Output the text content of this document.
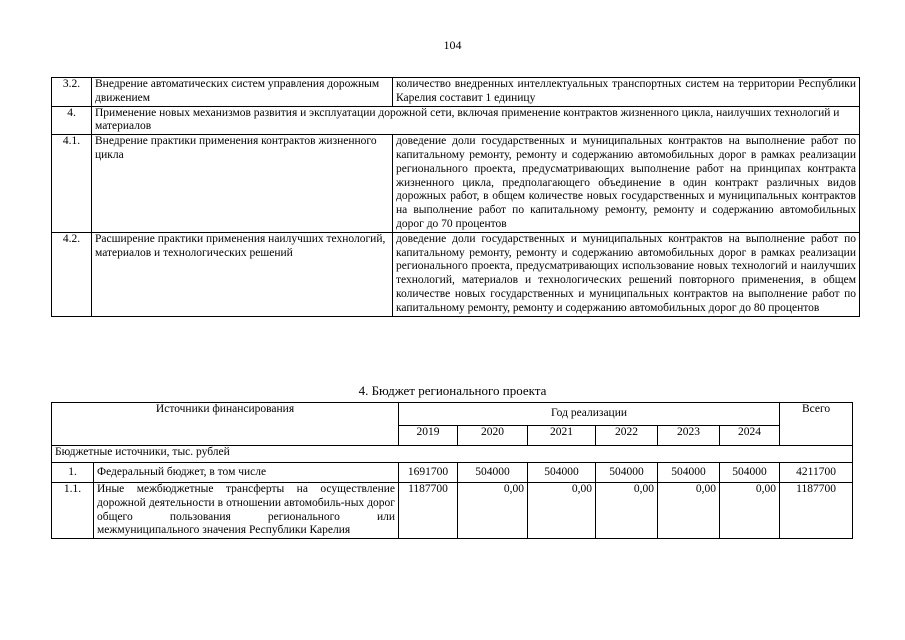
104
3.2.	Внедрение автоматических систем управления дорожным движением	количество внедренных интеллектуальных транспортных систем на территории Республики Карелия составит 1 единицу
4.	Применение новых механизмов развития и эксплуатации дорожной сети, включая применение контрактов жизненного цикла, наилучших технологий и материалов	
4.1.	Внедрение практики применения контрактов жизненного цикла	доведение доли государственных и муниципальных контрактов на выполнение работ по капитальному ремонту, ремонту и содержанию автомобильных дорог в рамках реализации регионального проекта, предусматривающих выполнение работ на принципах контракта жизненного цикла, предполагающего объединение в один контракт различных видов дорожных работ, в общем количестве новых государственных и муниципальных контрактов на выполнение работ по капитальному ремонту, ремонту и содержанию автомобильных дорог до 70 процентов
4.2.	Расширение практики применения наилучших технологий, материалов и технологических решений	доведение доли государственных и муниципальных контрактов на выполнение работ по капитальному ремонту, ремонту и содержанию автомобильных дорог в рамках реализации регионального проекта, предусматривающих использование новых технологий и наилучших технологий, материалов и технологических решений повторного применения, в общем количестве новых государственных и муниципальных контрактов на выполнение работ по капитальному ремонту, ремонту и содержанию автомобильных дорог до 80 процентов
4. Бюджет регионального проекта
Источники финансирования		Год реализации						Всего
		2019	2020	2021	2022	2023	2024	
Бюджетные источники, тыс. рублей								
1.	Федеральный бюджет, в том числе	1691700	504000	504000	504000	504000	504000	4211700
1.1.	Иные межбюджетные трансферты на осуществление дорожной деятельности в отношении автомобиль-ных дорог общего пользования регионального или межмуниципального значения Республики Карелия	1187700	0,00	0,00	0,00	0,00	0,00	1187700
